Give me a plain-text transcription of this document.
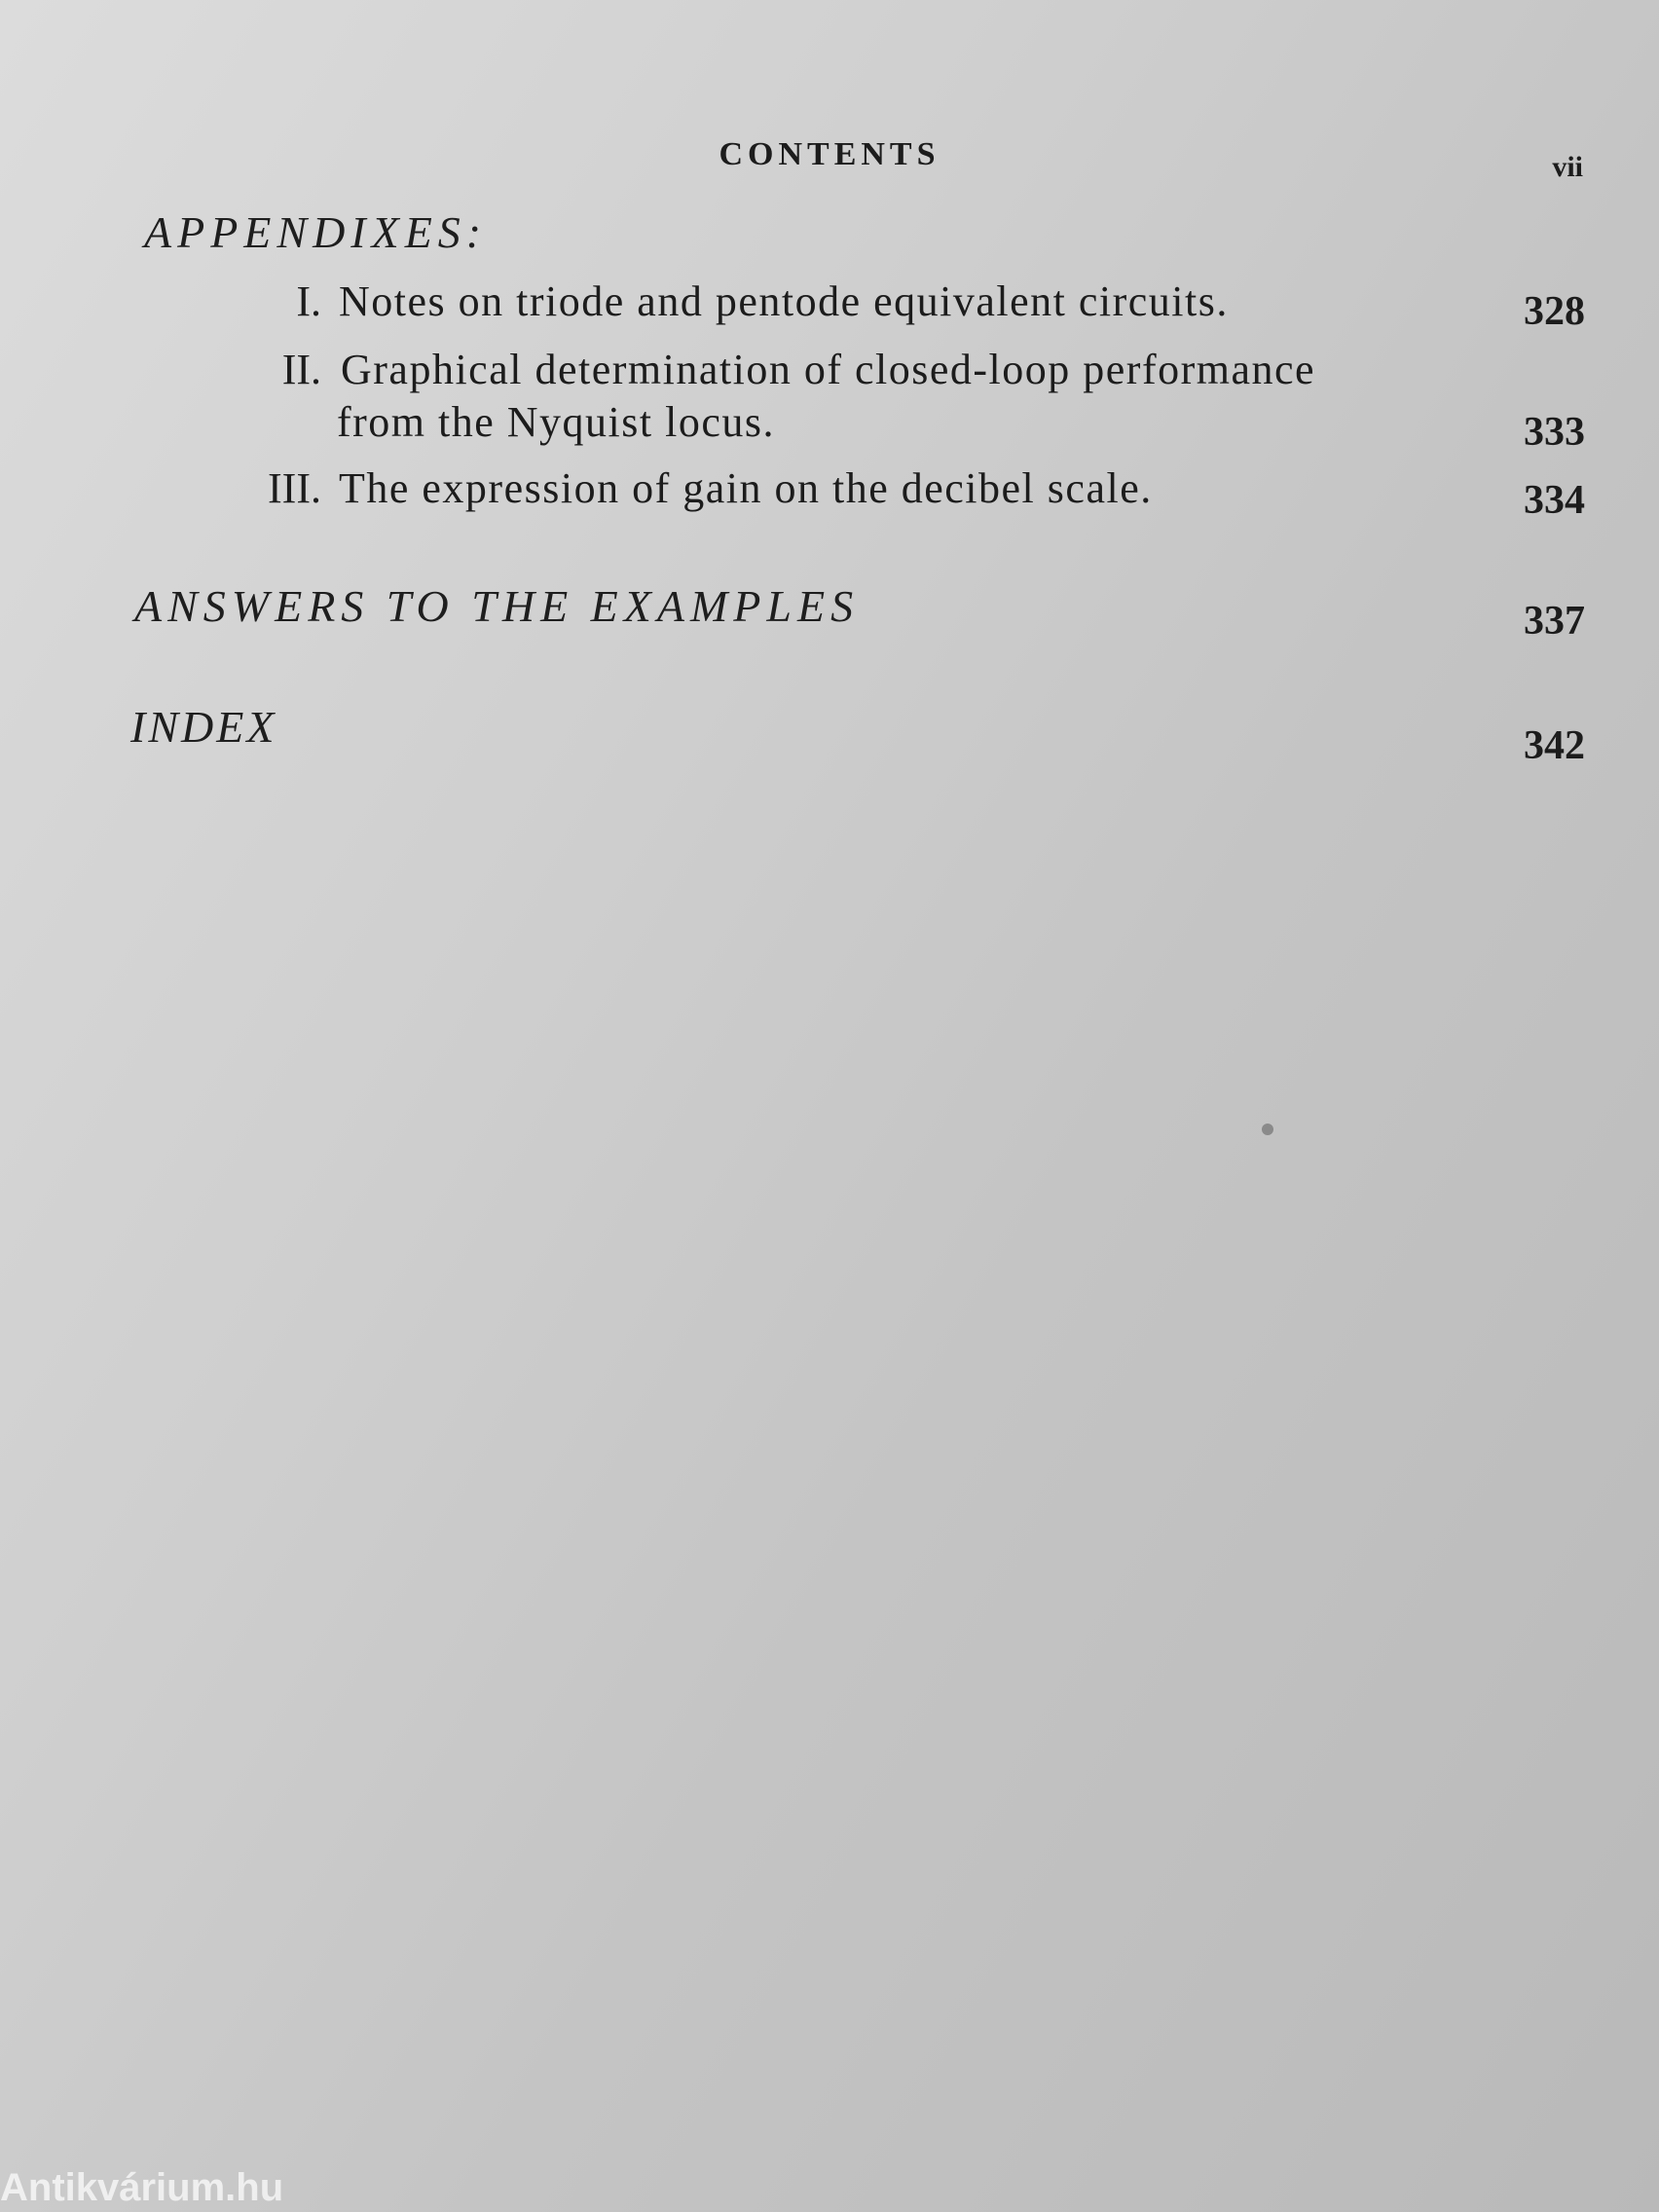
CONTENTS	vii
APPENDIXES:
I. Notes on triode and pentode equivalent circuits.	328
II. Graphical determination of closed-loop performance
from the Nyquist locus.	333
III. The expression of gain on the decibel scale.	334
ANSWERS TO THE EXAMPLES	337
INDEX	342
Antikvárium.hu
